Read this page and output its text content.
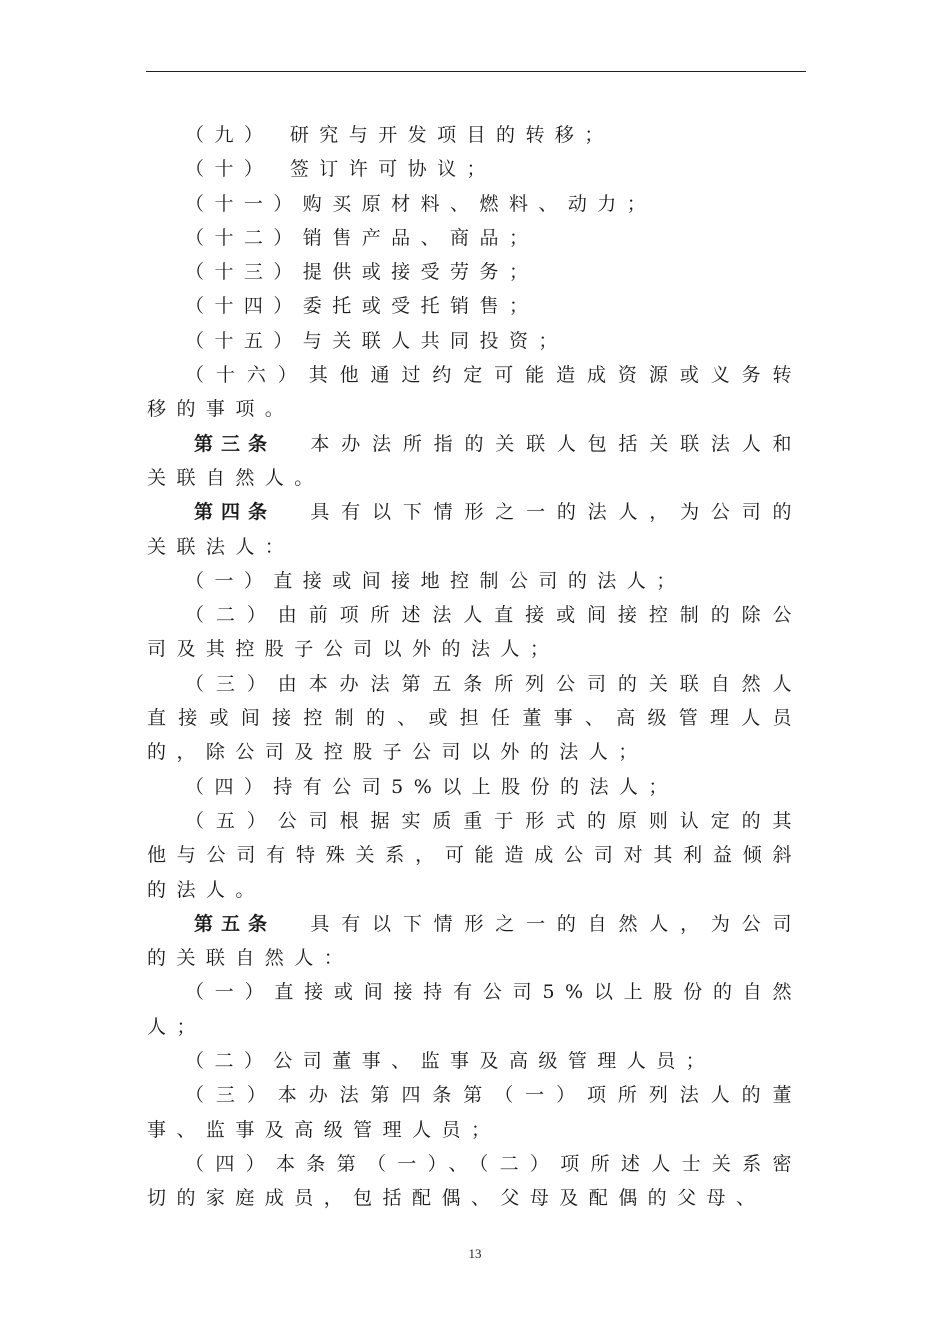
（九） 研究与开发项目的转移；

（十） 签订许可协议；

（十一）购买原材料、燃料、动力；

（十二）销售产品、商品；

（十三）提供或接受劳务；

（十四）委托或受托销售；

（十五）与关联人共同投资；

（十六）其他通过约定可能造成资源或义务转移的事项。

第三条 本办法所指的关联人包括关联法人和关联自然人。

第四条 具有以下情形之一的法人，为公司的关联法人：

（一）直接或间接地控制公司的法人；

（二）由前项所述法人直接或间接控制的除公司及其控股子公司以外的法人；

（三）由本办法第五条所列公司的关联自然人直接或间接控制的、或担任董事、高级管理人员的，除公司及控股子公司以外的法人；

（四）持有公司5%以上股份的法人；

（五）公司根据实质重于形式的原则认定的其他与公司有特殊关系，可能造成公司对其利益倾斜的法人。

第五条 具有以下情形之一的自然人，为公司的关联自然人：

（一）直接或间接持有公司5%以上股份的自然人；

（二）公司董事、监事及高级管理人员；

（三）本办法第四条第（一）项所列法人的董事、监事及高级管理人员；

（四）本条第（一）、（二）项所述人士关系密切的家庭成员，包括配偶、父母及配偶的父母、

13
